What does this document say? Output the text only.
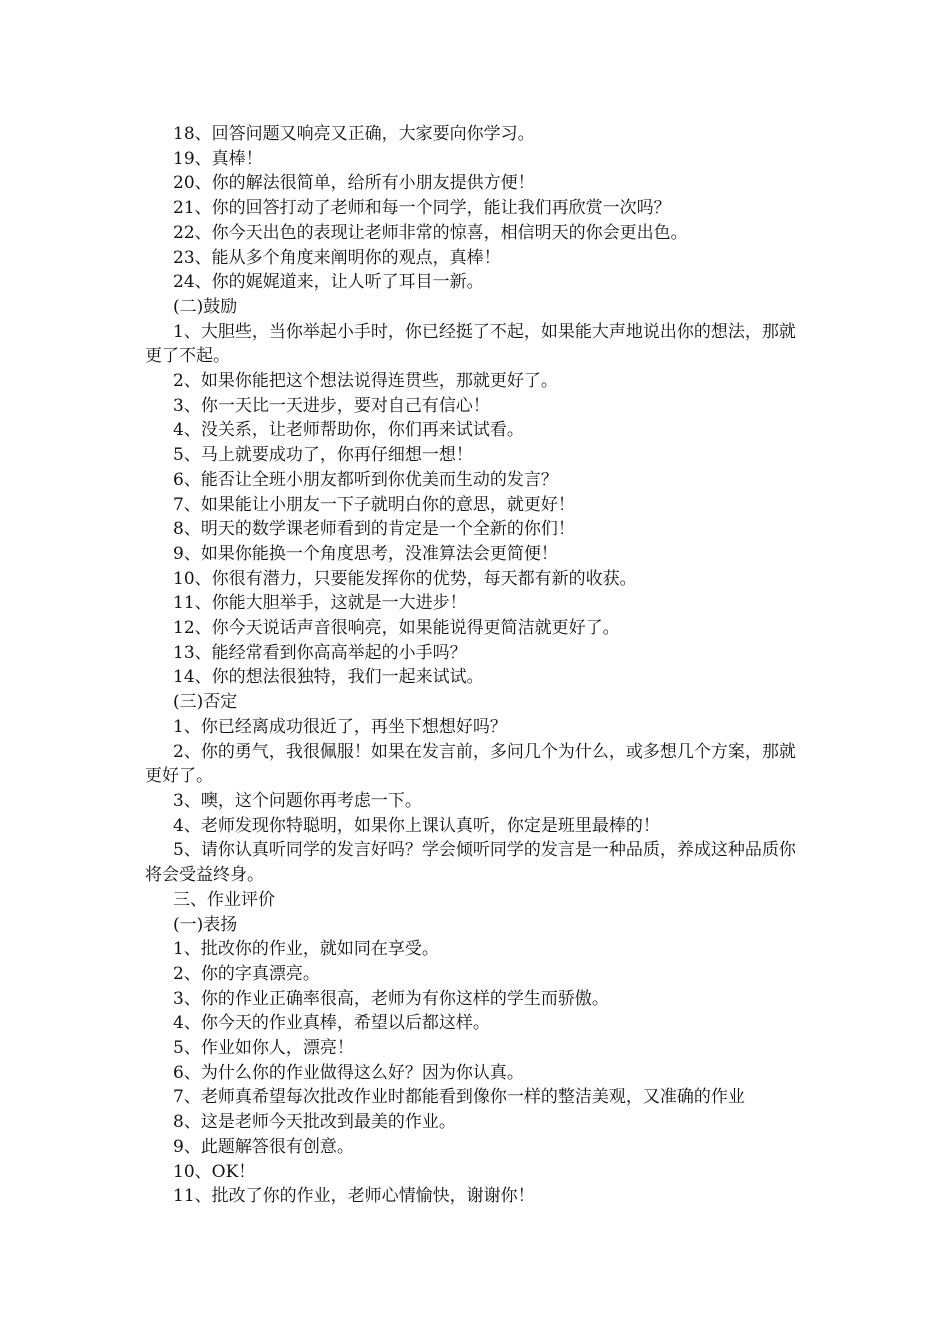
18、回答问题又响亮又正确，大家要向你学习。

19、真棒！

20、你的解法很简单，给所有小朋友提供方便！

21、你的回答打动了老师和每一个同学，能让我们再欣赏一次吗？

22、你今天出色的表现让老师非常的惊喜，相信明天的你会更出色。

23、能从多个角度来阐明你的观点，真棒！

24、你的娓娓道来，让人听了耳目一新。

(二)鼓励

1、大胆些，当你举起小手时，你已经挺了不起，如果能大声地说出你的想法，那就更了不起。

2、如果你能把这个想法说得连贯些，那就更好了。

3、你一天比一天进步，要对自己有信心！

4、没关系，让老师帮助你，你们再来试试看。

5、马上就要成功了，你再仔细想一想！

6、能否让全班小朋友都听到你优美而生动的发言？

7、如果能让小朋友一下子就明白你的意思，就更好！

8、明天的数学课老师看到的肯定是一个全新的你们！

9、如果你能换一个角度思考，没准算法会更简便！

10、你很有潜力，只要能发挥你的优势，每天都有新的收获。

11、你能大胆举手，这就是一大进步！

12、你今天说话声音很响亮，如果能说得更简洁就更好了。

13、能经常看到你高高举起的小手吗？

14、你的想法很独特，我们一起来试试。

(三)否定

1、你已经离成功很近了，再坐下想想好吗？

2、你的勇气，我很佩服！如果在发言前，多问几个为什么，或多想几个方案，那就更好了。

3、噢，这个问题你再考虑一下。

4、老师发现你特聪明，如果你上课认真听，你定是班里最棒的！

5、请你认真听同学的发言好吗？学会倾听同学的发言是一种品质，养成这种品质你将会受益终身。

三、作业评价

(一)表扬

1、批改你的作业，就如同在享受。

2、你的字真漂亮。

3、你的作业正确率很高，老师为有你这样的学生而骄傲。

4、你今天的作业真棒，希望以后都这样。

5、作业如你人，漂亮！

6、为什么你的作业做得这么好？因为你认真。

7、老师真希望每次批改作业时都能看到像你一样的整洁美观，又准确的作业

8、这是老师今天批改到最美的作业。

9、此题解答很有创意。

10、OK！

11、批改了你的作业，老师心情愉快，谢谢你！
